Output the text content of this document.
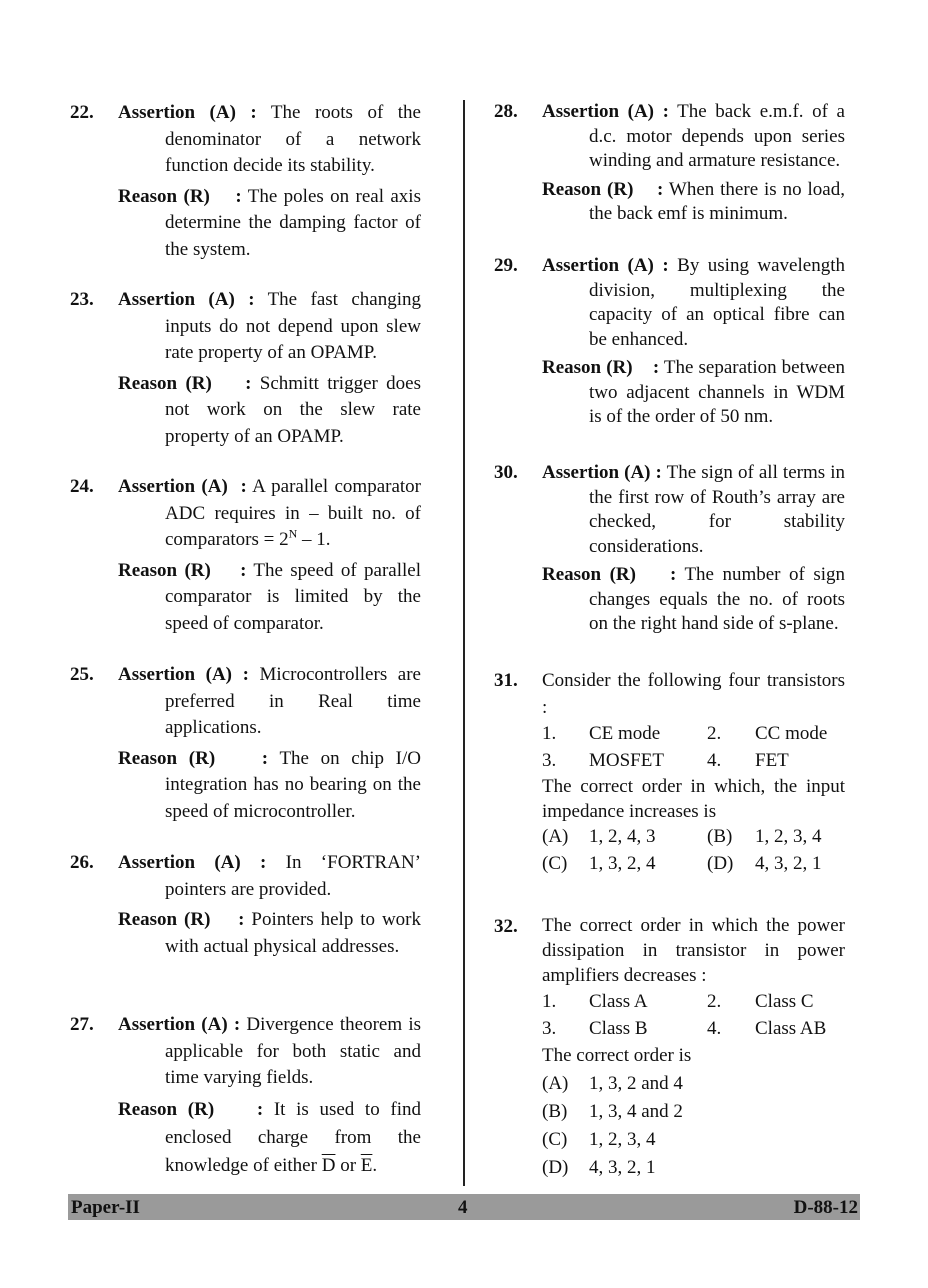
22. Assertion (A) : The roots of the denominator of a network function decide its stability.
Reason (R)    : The poles on real axis determine the damping factor of the system.
23. Assertion (A) : The fast changing inputs do not depend upon slew rate property of an OPAMP.
Reason (R)    : Schmitt trigger does not work on the slew rate property of an OPAMP.
24. Assertion (A)  : A parallel comparator ADC requires in – built no. of comparators = $2^N - 1$.
Reason (R)    : The speed of parallel comparator is limited by the speed of comparator.
25. Assertion (A) : Microcontrollers are preferred in Real time applications.
Reason (R)    : The on chip I/O integration has no bearing on the speed of microcontroller.
26. Assertion (A) : In ‘FORTRAN’ pointers are provided.
Reason (R)    : Pointers help to work with actual physical addresses.
27. Assertion (A) : Divergence theorem is applicable for both static and time varying fields.
Reason (R)    : It is used to find enclosed charge from the knowledge of either $\overline{D}$ or $\overline{E}$.
28. Assertion (A) : The back e.m.f. of a d.c. motor depends upon series winding and armature resistance.
Reason (R)    : When there is no load, the back emf is minimum.
29. Assertion (A) : By using wavelength division, multiplexing the capacity of an optical fibre can be enhanced.
Reason (R)    : The separation between two adjacent channels in WDM is of the order of 50 nm.
30. Assertion (A) : The sign of all terms in the first row of Routh’s array are checked, for stability considerations.
Reason (R)    : The number of sign changes equals the no. of roots on the right hand side of s-plane.
31. Consider the following four transistors :
1.	CE mode	2.	CC mode
3.	MOSFET	4.	FET
The correct order in which, the input impedance increases is
(A)	1, 2, 4, 3	(B)	1, 2, 3, 4
(C)	1, 3, 2, 4	(D)	4, 3, 2, 1
32. The correct order in which the power dissipation in transistor in power amplifiers decreases :
1.	Class A	2.	Class C
3.	Class B	4.	Class AB
The correct order is
(A)	1, 3, 2 and 4
(B)	1, 3, 4 and 2
(C)	1, 2, 3, 4
(D)	4, 3, 2, 1
Paper-II	4	D-88-12
